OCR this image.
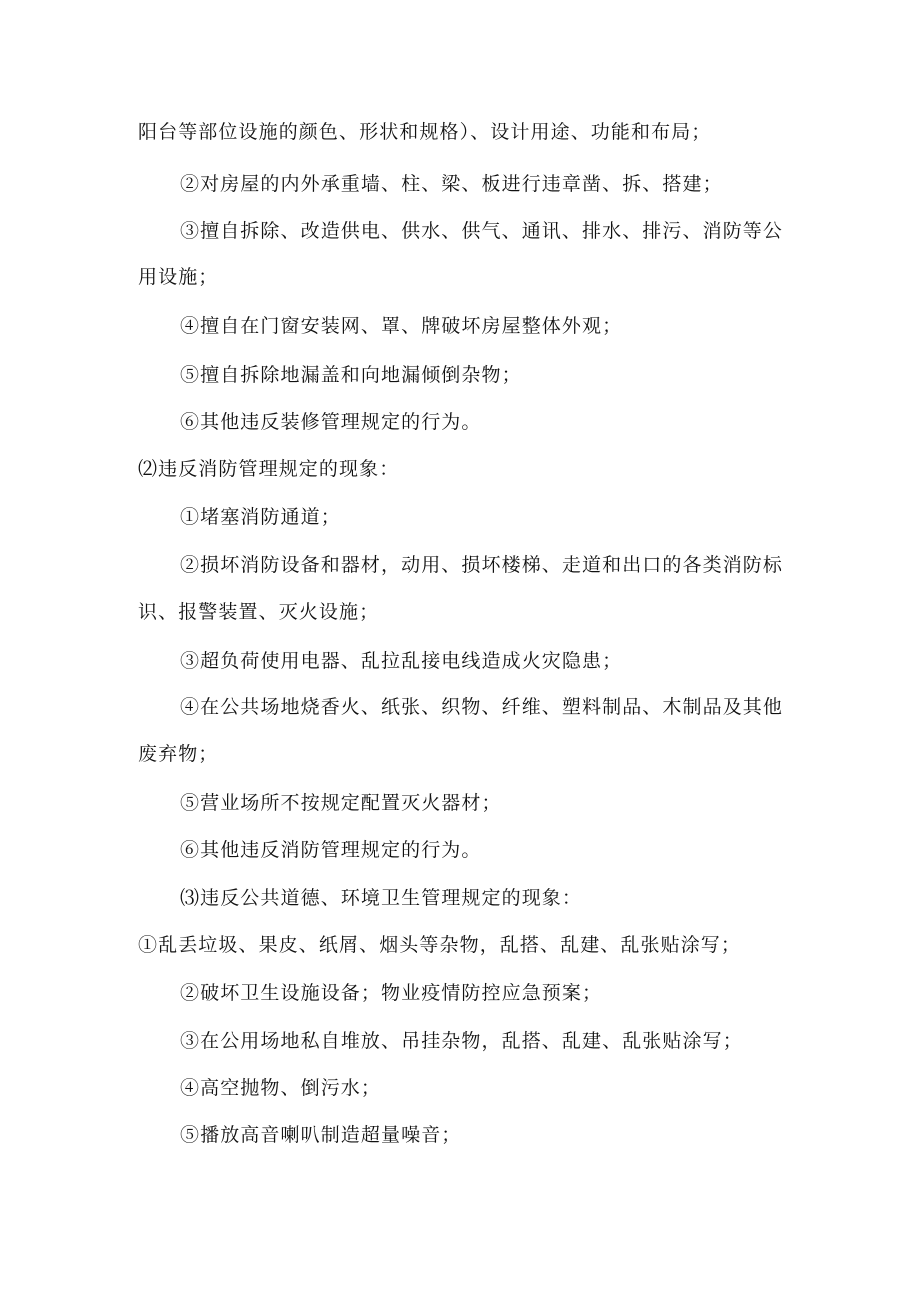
阳台等部位设施的颜色、形状和规格）、设计用途、功能和布局；
②对房屋的内外承重墙、柱、梁、板进行违章凿、拆、搭建；
③擅自拆除、改造供电、供水、供气、通讯、排水、排污、消防等公
用设施；
④擅自在门窗安装网、罩、牌破坏房屋整体外观；
⑤擅自拆除地漏盖和向地漏倾倒杂物；
⑥其他违反装修管理规定的行为。
⑵违反消防管理规定的现象：
①堵塞消防通道；
②损坏消防设备和器材，动用、损坏楼梯、走道和出口的各类消防标
识、报警装置、灭火设施；
③超负荷使用电器、乱拉乱接电线造成火灾隐患；
④在公共场地烧香火、纸张、织物、纤维、塑料制品、木制品及其他
废弃物；
⑤营业场所不按规定配置灭火器材；
⑥其他违反消防管理规定的行为。
⑶违反公共道德、环境卫生管理规定的现象：
①乱丢垃圾、果皮、纸屑、烟头等杂物，乱搭、乱建、乱张贴涂写；
②破坏卫生设施设备；物业疫情防控应急预案；
③在公用场地私自堆放、吊挂杂物，乱搭、乱建、乱张贴涂写；
④高空抛物、倒污水；
⑤播放高音喇叭制造超量噪音；
